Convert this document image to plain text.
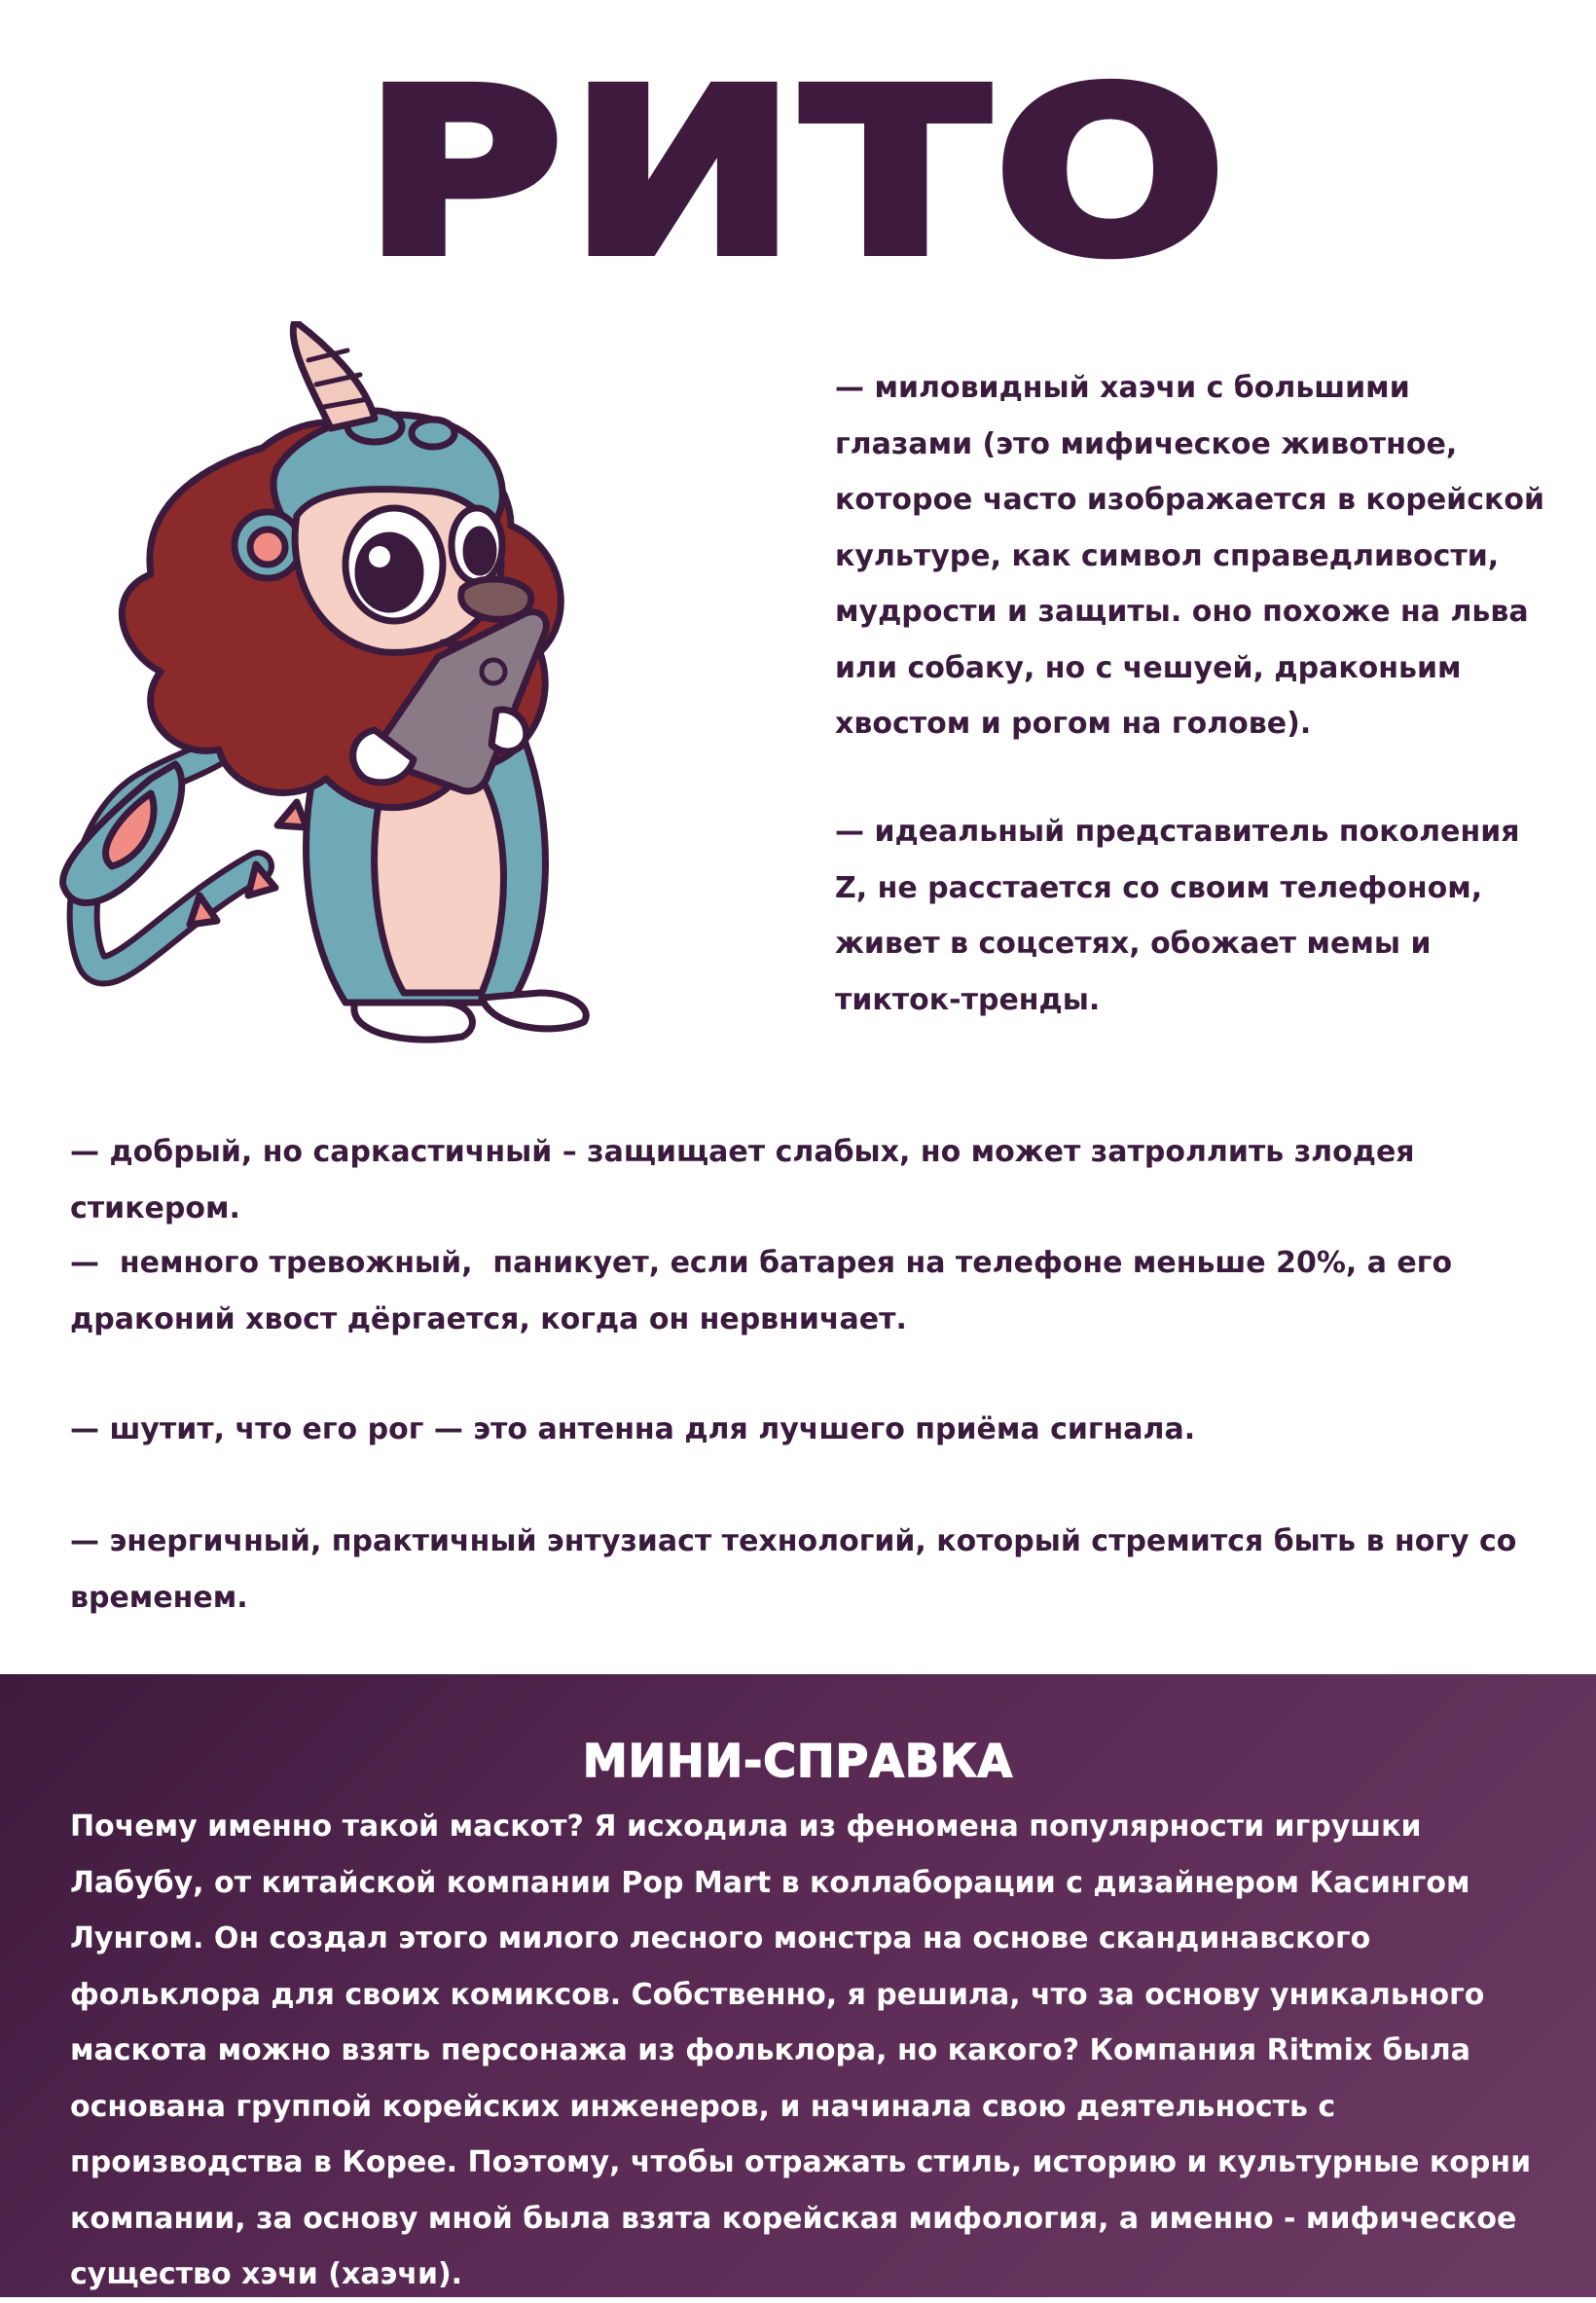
РИТО

— миловидный хаэчи с большими глазами (это мифическое животное, которое часто изображается в корейской культуре, как символ справедливости, мудрости и защиты. оно похоже на льва или собаку, но с чешуей, драконьим хвостом и рогом на голове).

— идеальный представитель поколения Z, не расстается со своим телефоном, живет в соцсетях, обожает мемы и тикток-тренды.

— добрый, но саркастичный – защищает слабых, но может затроллить злодея стикером.

—  немного тревожный,  паникует, если батарея на телефоне меньше 20%, а его драконий хвост дёргается, когда он нервничает.

— шутит, что его рог — это антенна для лучшего приёма сигнала.

— энергичный, практичный энтузиаст технологий, который стремится быть в ногу со временем.

МИНИ-СПРАВКА

Почему именно такой маскот? Я исходила из феномена популярности игрушки Лабубу, от китайской компании Pop Mart в коллаборации с дизайнером Касингом Лунгом. Он создал этого милого лесного монстра на основе скандинавского фольклора для своих комиксов. Собственно, я решила, что за основу уникального маскота можно взять персонажа из фольклора, но какого? Компания Ritmix была основана группой корейских инженеров, и начинала свою деятельность с производства в Корее. Поэтому, чтобы отражать стиль, историю и культурные корни компании, за основу мной была взята корейская мифология, а именно - мифическое существо хэчи (хаэчи).
